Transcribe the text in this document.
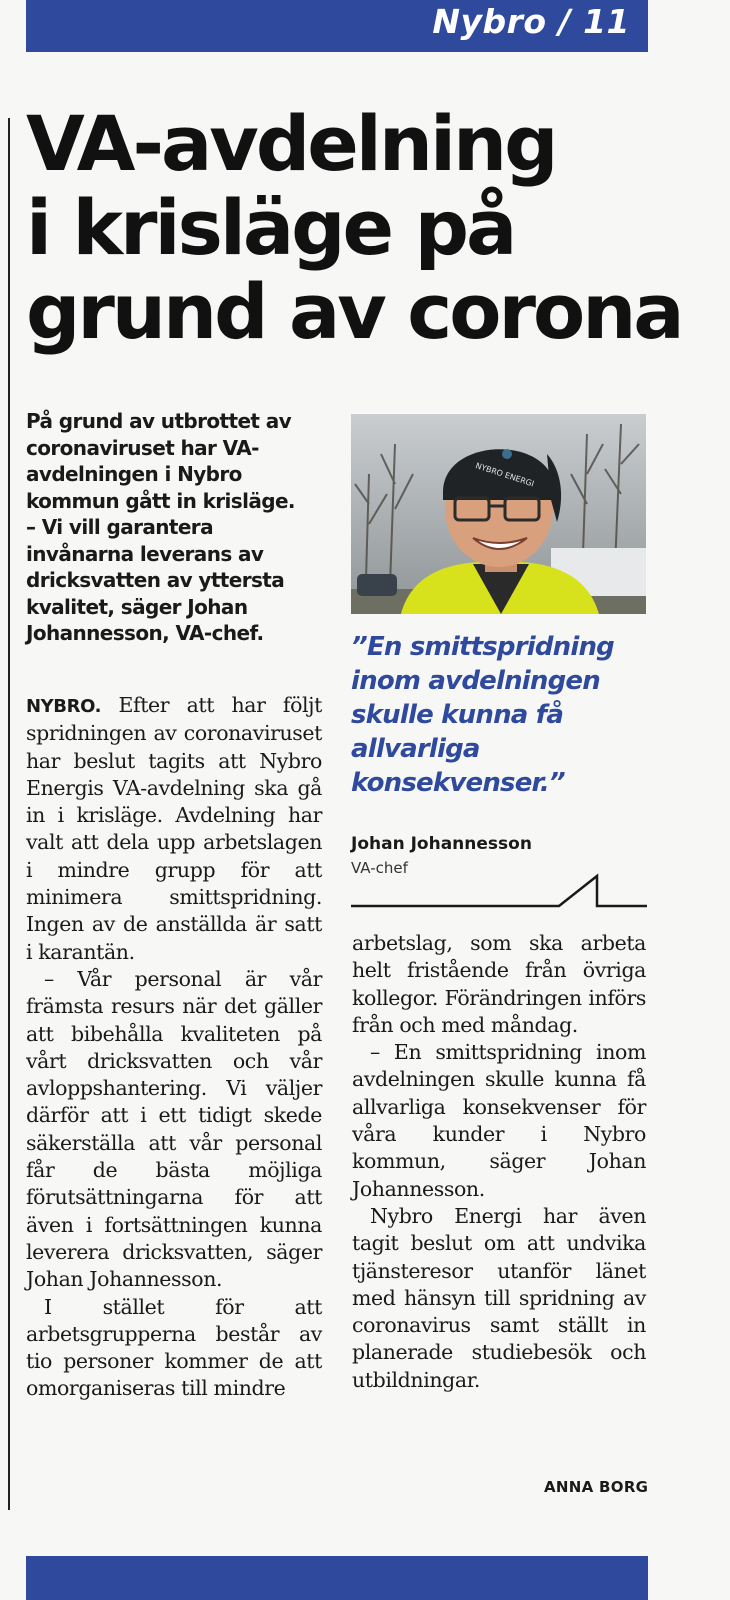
Nybro / 11
VA-avdelning
i krisläge på
grund av corona

På grund av utbrottet av coronaviruset har VA-avdelningen i Nybro kommun gått in krisläge.

– Vi vill garantera invånarna leverans av dricksvatten av yttersta kvalitet, säger Johan Johannesson, VA-chef.

NYBRO. Efter att har följt spridningen av coronaviruset har beslut tagits att Nybro Energis VA-avdelning ska gå in i krisläge. Avdelning har valt att dela upp arbetslagen i mindre grupp för att minimera smittspridning. Ingen av de anställda är satt i karantän.

– Vår personal är vår främsta resurs när det gäller att bibehålla kvaliteten på vårt dricksvatten och vår avloppshantering. Vi väljer därför att i ett tidigt skede säkerställa att vår personal får de bästa möjliga förutsättningarna för att även i fortsättningen kunna leverera dricksvatten, säger Johan Johannesson.

I stället för att arbetsgrupperna består av tio personer kommer de att omorganiseras till mindre

NYBRO ENERGI
”En smittspridning inom avdelningen skulle kunna få allvarliga konsekvenser.”
Johan Johannesson
VA-chef

arbetslag, som ska arbeta helt fristående från övriga kollegor. Förändringen införs från och med måndag.

– En smittspridning inom avdelningen skulle kunna få allvarliga konsekvenser för våra kunder i Nybro kommun, säger Johan Johannesson.

Nybro Energi har även tagit beslut om att undvika tjänsteresor utanför länet med hänsyn till spridning av coronavirus samt ställt in planerade studiebesök och utbildningar.

ANNA BORG
